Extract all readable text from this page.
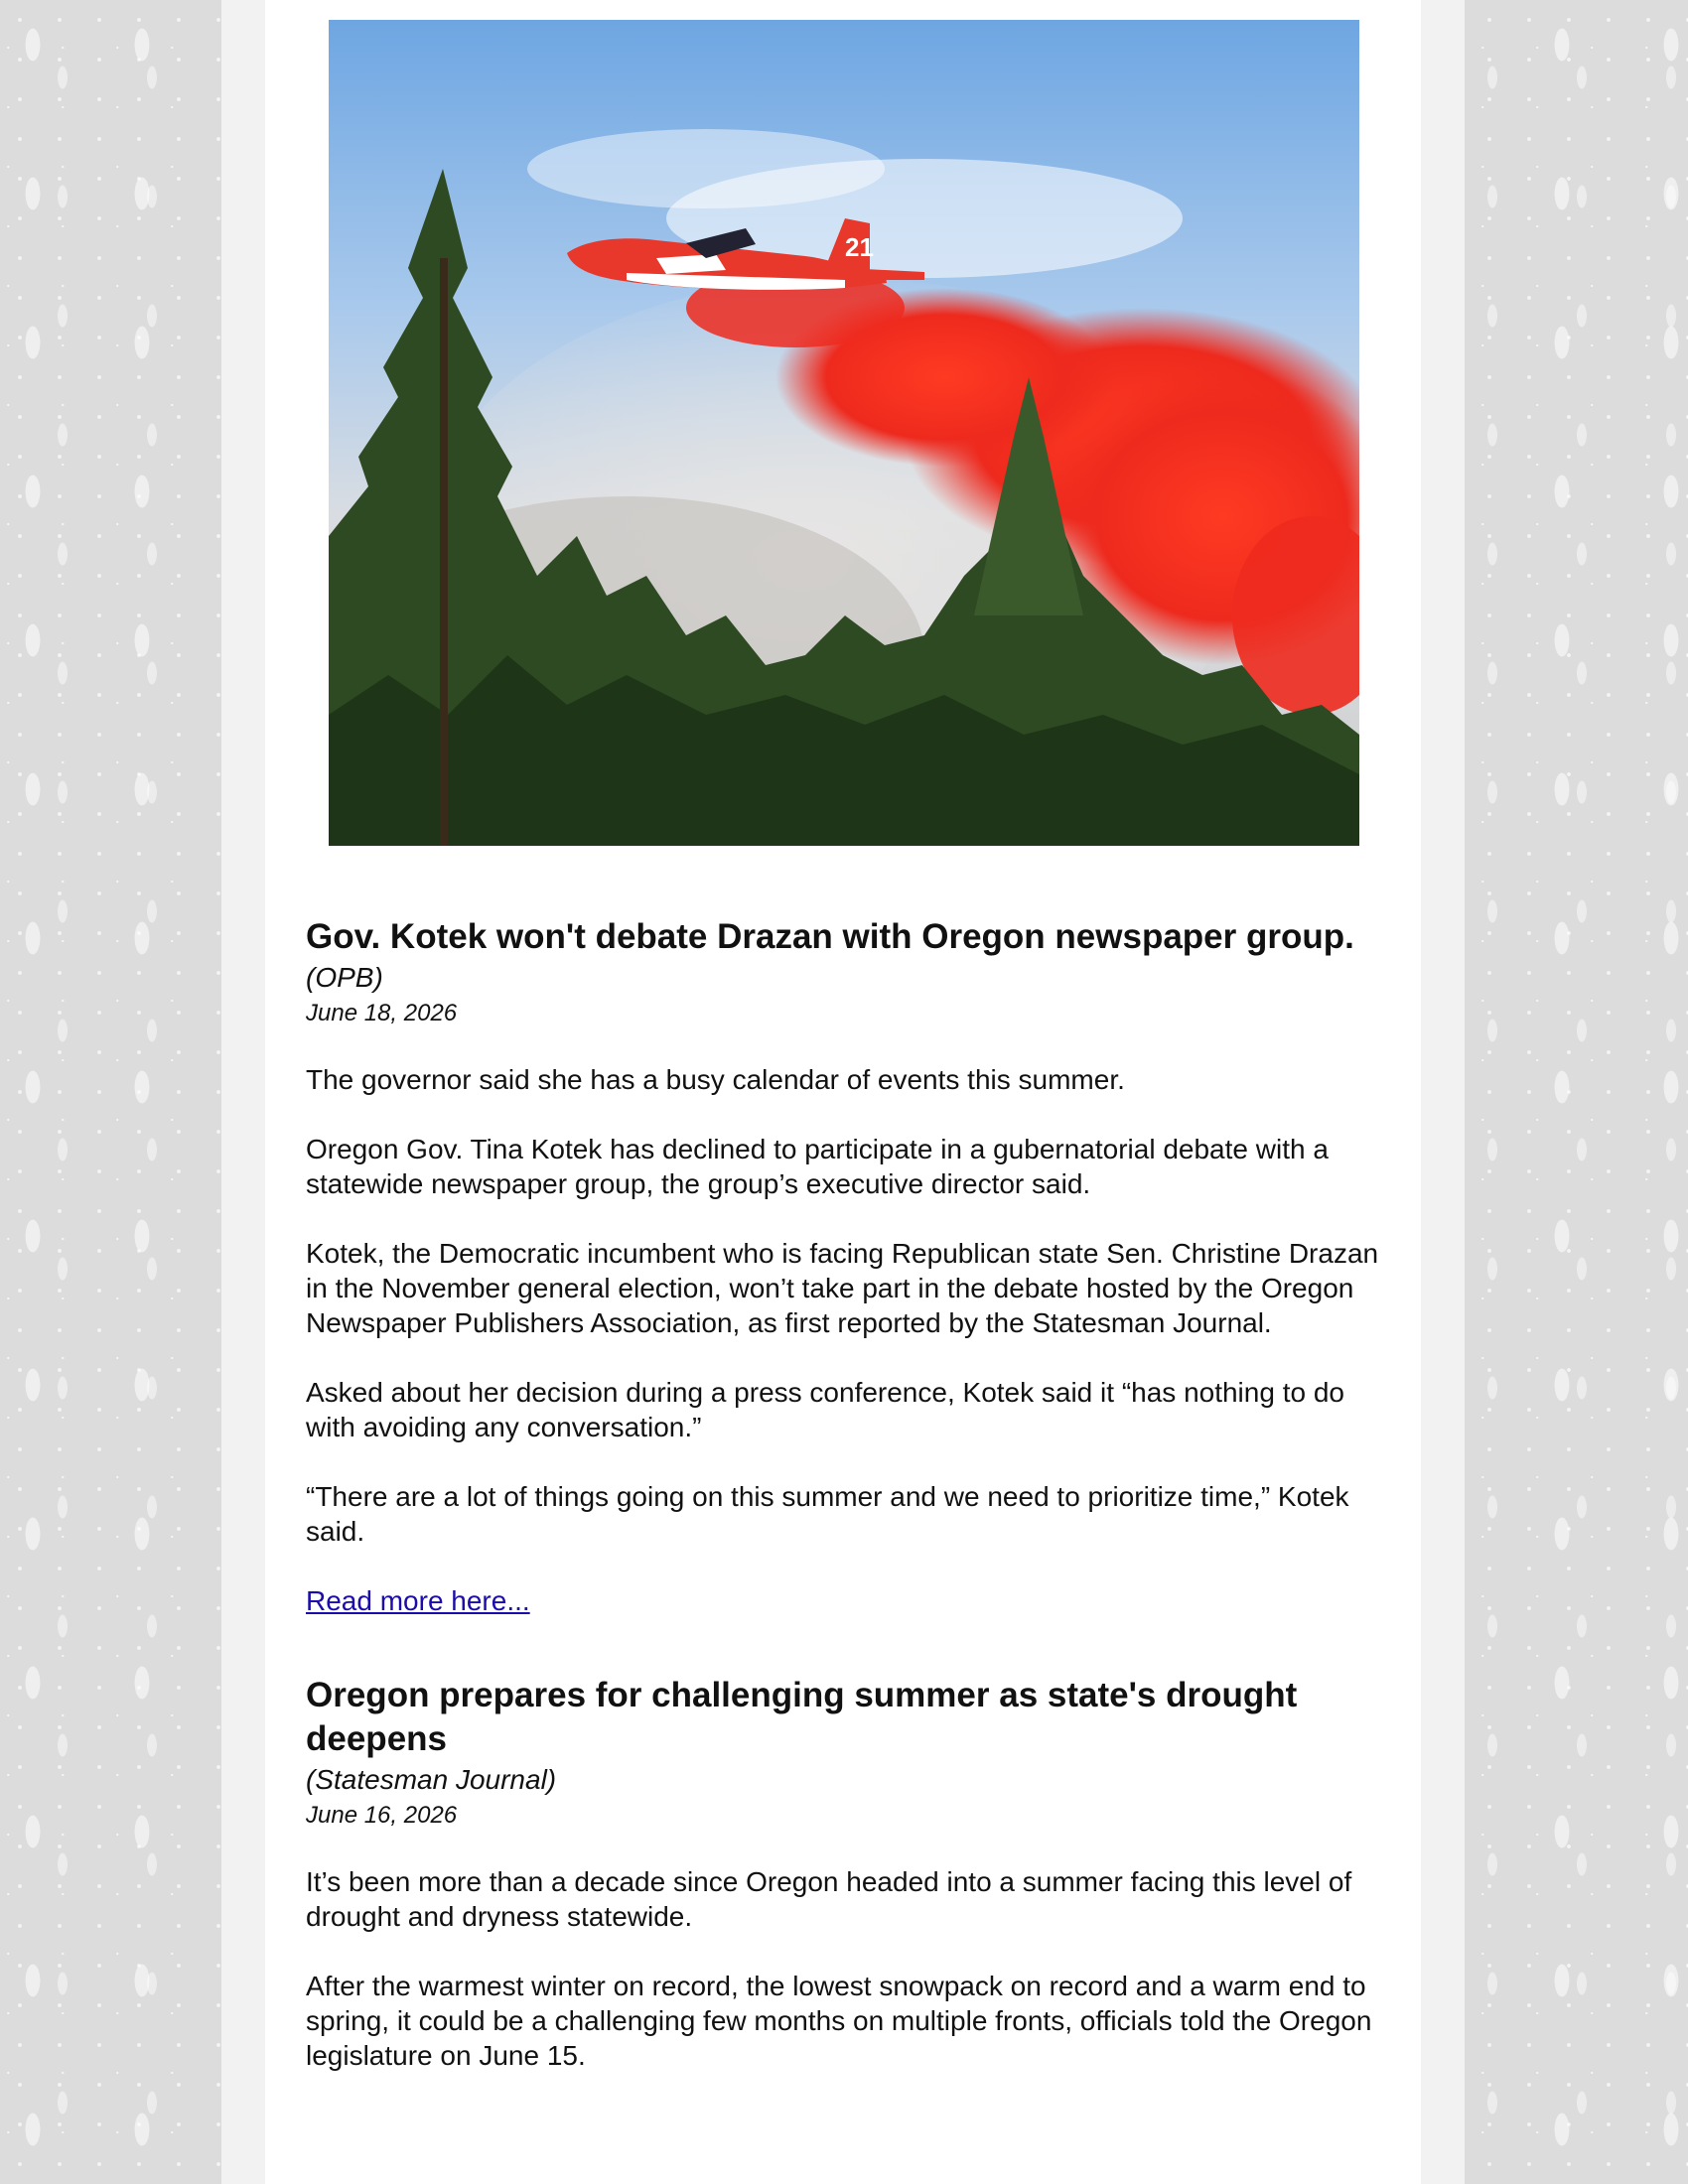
21
Gov. Kotek won't debate Drazan with Oregon newspaper group.

(OPB)

June 18, 2026

The governor said she has a busy calendar of events this summer.

Oregon Gov. Tina Kotek has declined to participate in a gubernatorial debate with a statewide newspaper group, the group’s executive director said.

Kotek, the Democratic incumbent who is facing Republican state Sen. Christine Drazan in the November general election, won’t take part in the debate hosted by the Oregon Newspaper Publishers Association, as first reported by the Statesman Journal.

Asked about her decision during a press conference, Kotek said it “has nothing to do with avoiding any conversation.”

“There are a lot of things going on this summer and we need to prioritize time,” Kotek said.

Read more here...
Oregon prepares for challenging summer as state's drought deepens

(Statesman Journal)

June 16, 2026

It’s been more than a decade since Oregon headed into a summer facing this level of drought and dryness statewide.

After the warmest winter on record, the lowest snowpack on record and a warm end to spring, it could be a challenging few months on multiple fronts, officials told the Oregon legislature on June 15.
